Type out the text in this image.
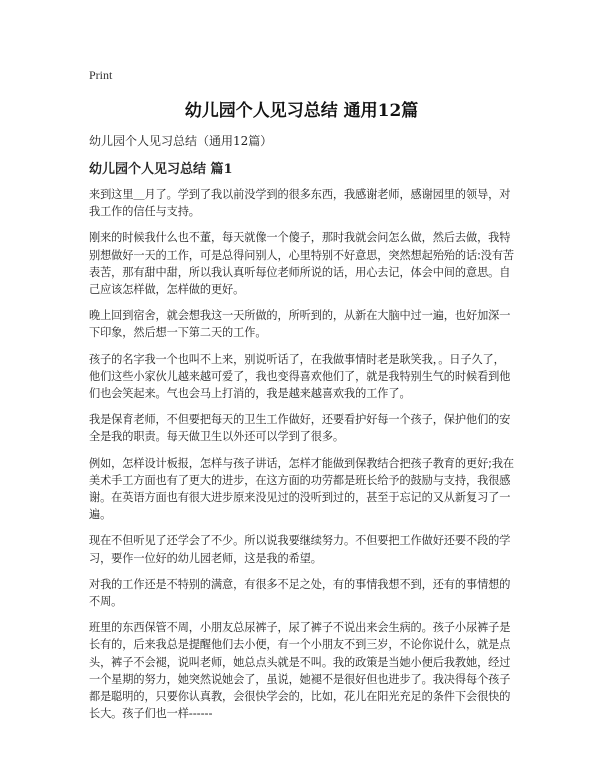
Print
幼儿园个人见习总结 通用12篇
幼儿园个人见习总结（通用12篇）
幼儿园个人见习总结 篇1

来到这里＿月了。学到了我以前没学到的很多东西，我感谢老师，感谢园里的领导，对我工作的信任与支持。

刚来的时候我什么也不董，每天就像一个傻子，那时我就会问怎么做，然后去做，我特别想做好一天的工作，可是总得问别人，心里特别不好意思，突然想起殆殆的话:没有苦表苦，那有甜中甜，所以我认真听每位老师所说的话，用心去记，体会中间的意思。自己应该怎样做，怎样做的更好。

晚上回到宿舍，就会想我这一天所做的，所听到的，从新在大脑中过一遍，也好加深一下印象，然后想一下第二天的工作。

孩子的名字我一个也叫不上来，别说听话了，在我做事情时老是耿笑我，。日子久了，他们这些小家伙儿越来越可爱了，我也变得喜欢他们了，就是我特别生气的时候看到他们也会笑起来。气也会马上打消的，我是越来越喜欢我的工作了。

我是保育老师，不但要把每天的卫生工作做好，还要看护好每一个孩子，保护他们的安全是我的职责。每天做卫生以外还可以学到了很多。

例如，怎样设计板报，怎样与孩子讲话，怎样才能做到保教结合把孩子教育的更好;我在美术手工方面也有了更大的进步，在这方面的功劳都是班长给予的鼓励与支持，我很感谢。在英语方面也有很大进步原来没见过的没听到过的，甚至于忘记的又从新复习了一遍。

现在不但听见了还学会了不少。所以说我要继续努力。不但要把工作做好还要不段的学习，要作一位好的幼儿园老师，这是我的希望。

对我的工作还是不特别的满意，有很多不足之处，有的事情我想不到，还有的事情想的不周。

班里的东西保管不周，小朋友总尿裤子，尿了裤子不说出来会生病的。孩子小尿裤子是长有的，后来我总是提醒他们去小便，有一个小朋友不到三岁，不论你说什么，就是点头，裤子不会褪，说叫老师，她总点头就是不叫。我的政策是当她小便后我教她，经过一个星期的努力，她突然说她会了，虽说，她褪不是很好但也进步了。我决得每个孩子都是聪明的，只要你认真教，会很快学会的，比如，花儿在阳光充足的条件下会很快的长大。孩子们也一样------
